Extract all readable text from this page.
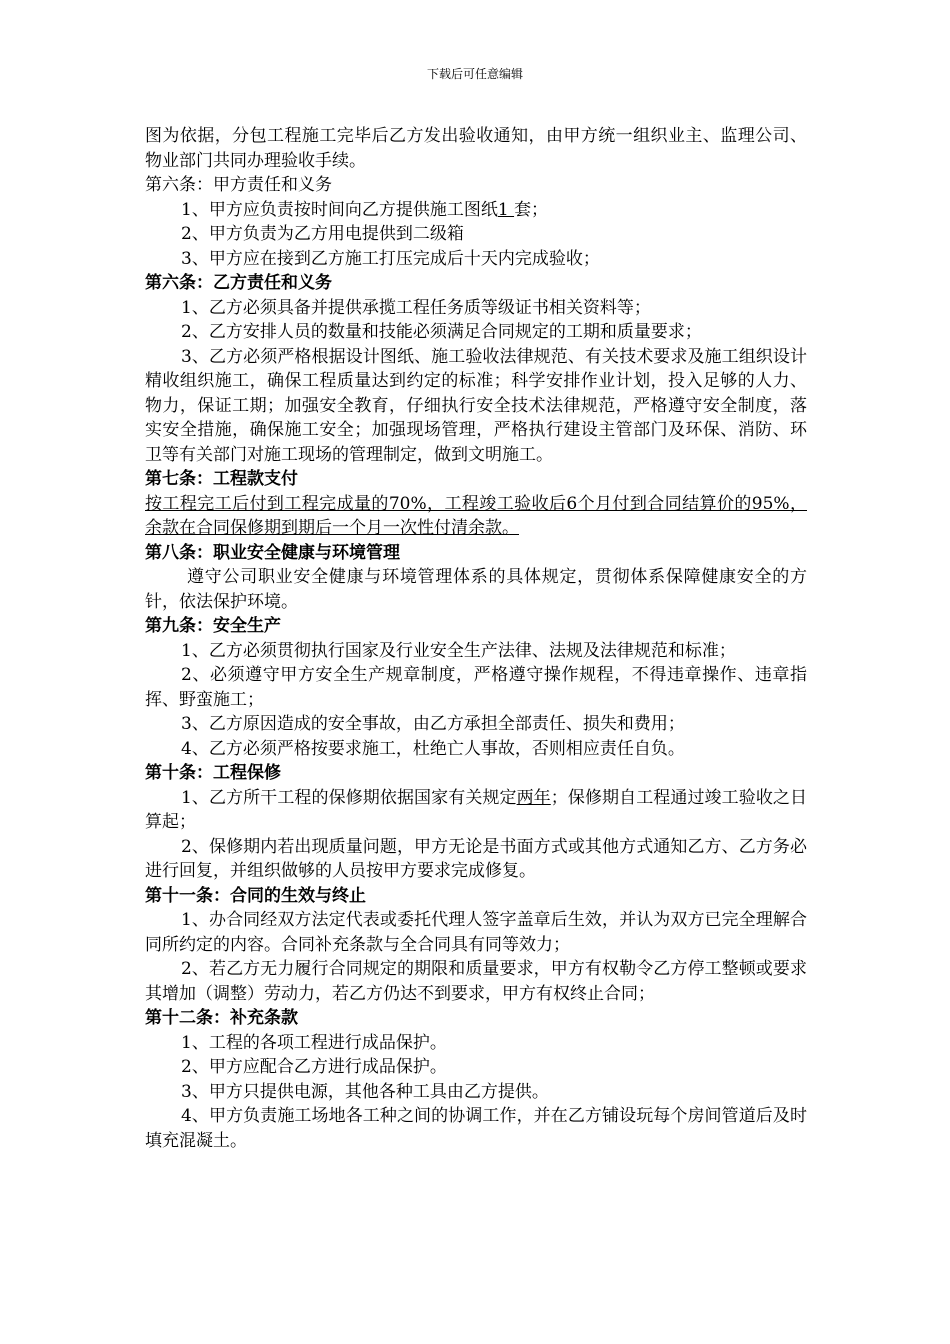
下载后可任意编辑

图为依据，分包工程施工完毕后乙方发出验收通知，由甲方统一组织业主、监理公司、物业部门共同办理验收手续。

第六条：甲方责任和义务

1、甲方应负责按时间向乙方提供施工图纸1 套；

2、甲方负责为乙方用电提供到二级箱

3、甲方应在接到乙方施工打压完成后十天内完成验收；

第六条：乙方责任和义务

1、乙方必须具备并提供承揽工程任务质等级证书相关资料等；

2、乙方安排人员的数量和技能必须满足合同规定的工期和质量要求；

3、乙方必须严格根据设计图纸、施工验收法律规范、有关技术要求及施工组织设计精收组织施工，确保工程质量达到约定的标准；科学安排作业计划，投入足够的人力、物力，保证工期；加强安全教育，仔细执行安全技术法律规范，严格遵守安全制度，落实安全措施，确保施工安全；加强现场管理，严格执行建设主管部门及环保、消防、环卫等有关部门对施工现场的管理制定，做到文明施工。

第七条：工程款支付

按工程完工后付到工程完成量的70%，工程竣工验收后6个月付到合同结算价的95%，余款在合同保修期到期后一个月一次性付清余款。

第八条：职业安全健康与环境管理

遵守公司职业安全健康与环境管理体系的具体规定，贯彻体系保障健康安全的方针，依法保护环境。

第九条：安全生产

1、乙方必须贯彻执行国家及行业安全生产法律、法规及法律规范和标准；

2、必须遵守甲方安全生产规章制度，严格遵守操作规程，不得违章操作、违章指挥、野蛮施工；

3、乙方原因造成的安全事故，由乙方承担全部责任、损失和费用；

4、乙方必须严格按要求施工，杜绝亡人事故，否则相应责任自负。

第十条：工程保修

1、乙方所干工程的保修期依据国家有关规定两年；保修期自工程通过竣工验收之日算起；

2、保修期内若出现质量问题，甲方无论是书面方式或其他方式通知乙方、乙方务必进行回复，并组织做够的人员按甲方要求完成修复。

第十一条：合同的生效与终止

1、办合同经双方法定代表或委托代理人签字盖章后生效，并认为双方已完全理解合同所约定的内容。合同补充条款与全合同具有同等效力；

2、若乙方无力履行合同规定的期限和质量要求，甲方有权勒令乙方停工整顿或要求其增加（调整）劳动力，若乙方仍达不到要求，甲方有权终止合同；

第十二条：补充条款

1、工程的各项工程进行成品保护。

2、甲方应配合乙方进行成品保护。

3、甲方只提供电源，其他各种工具由乙方提供。

4、甲方负责施工场地各工种之间的协调工作，并在乙方铺设玩每个房间管道后及时填充混凝土。
